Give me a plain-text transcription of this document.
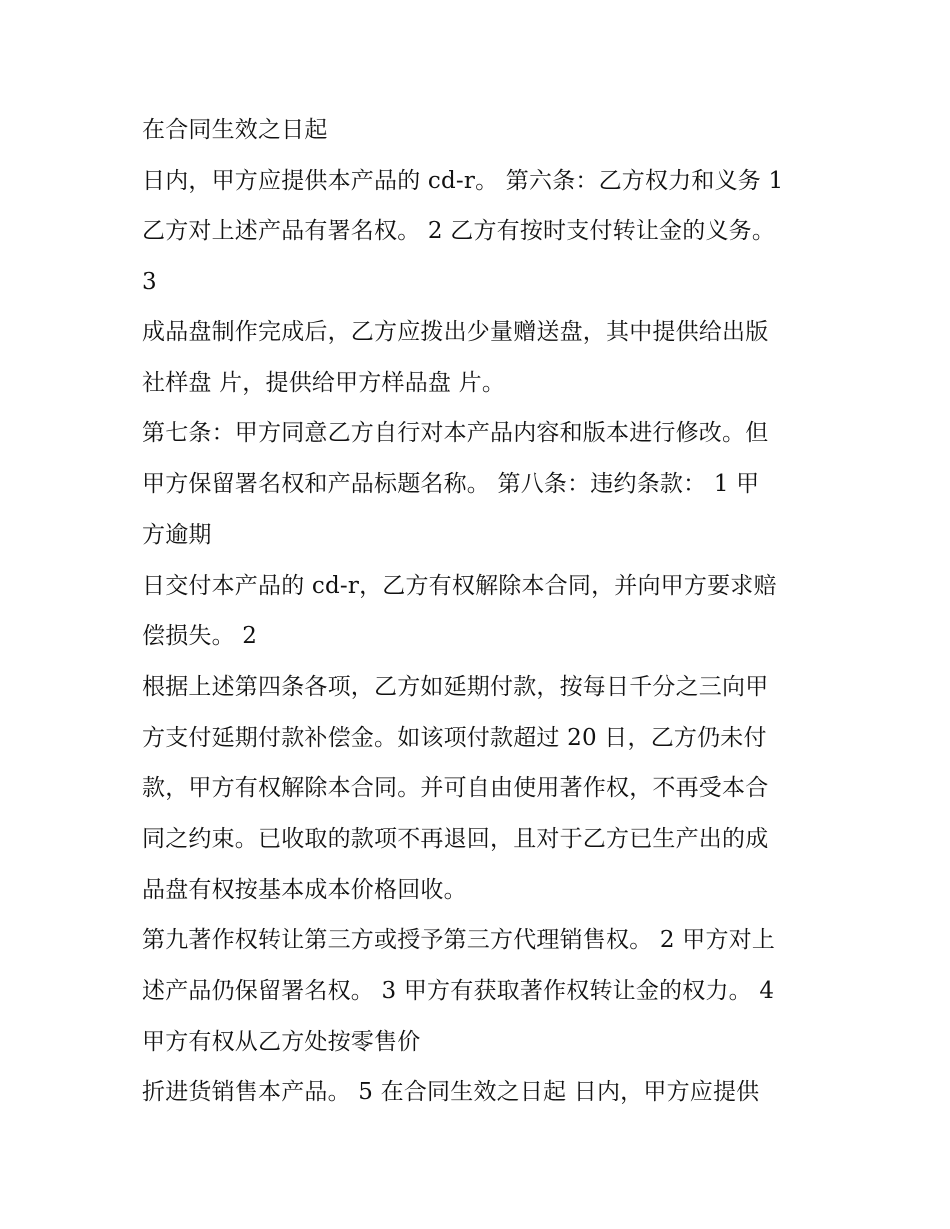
在合同生效之日起
日内，甲方应提供本产品的 cd-r。 第六条：乙方权力和义务 1
乙方对上述产品有署名权。 2 乙方有按时支付转让金的义务。
3
成品盘制作完成后，乙方应拨出少量赠送盘，其中提供给出版
社样盘 片，提供给甲方样品盘 片。
第七条：甲方同意乙方自行对本产品内容和版本进行修改。但
甲方保留署名权和产品标题名称。 第八条：违约条款： 1 甲
方逾期
日交付本产品的 cd-r，乙方有权解除本合同，并向甲方要求赔
偿损失。 2
根据上述第四条各项，乙方如延期付款，按每日千分之三向甲
方支付延期付款补偿金。如该项付款超过 20 日，乙方仍未付
款，甲方有权解除本合同。并可自由使用著作权，不再受本合
同之约束。已收取的款项不再退回，且对于乙方已生产出的成
品盘有权按基本成本价格回收。
第九著作权转让第三方或授予第三方代理销售权。 2 甲方对上
述产品仍保留署名权。 3 甲方有获取著作权转让金的权力。 4
甲方有权从乙方处按零售价
折进货销售本产品。 5 在合同生效之日起 日内，甲方应提供
